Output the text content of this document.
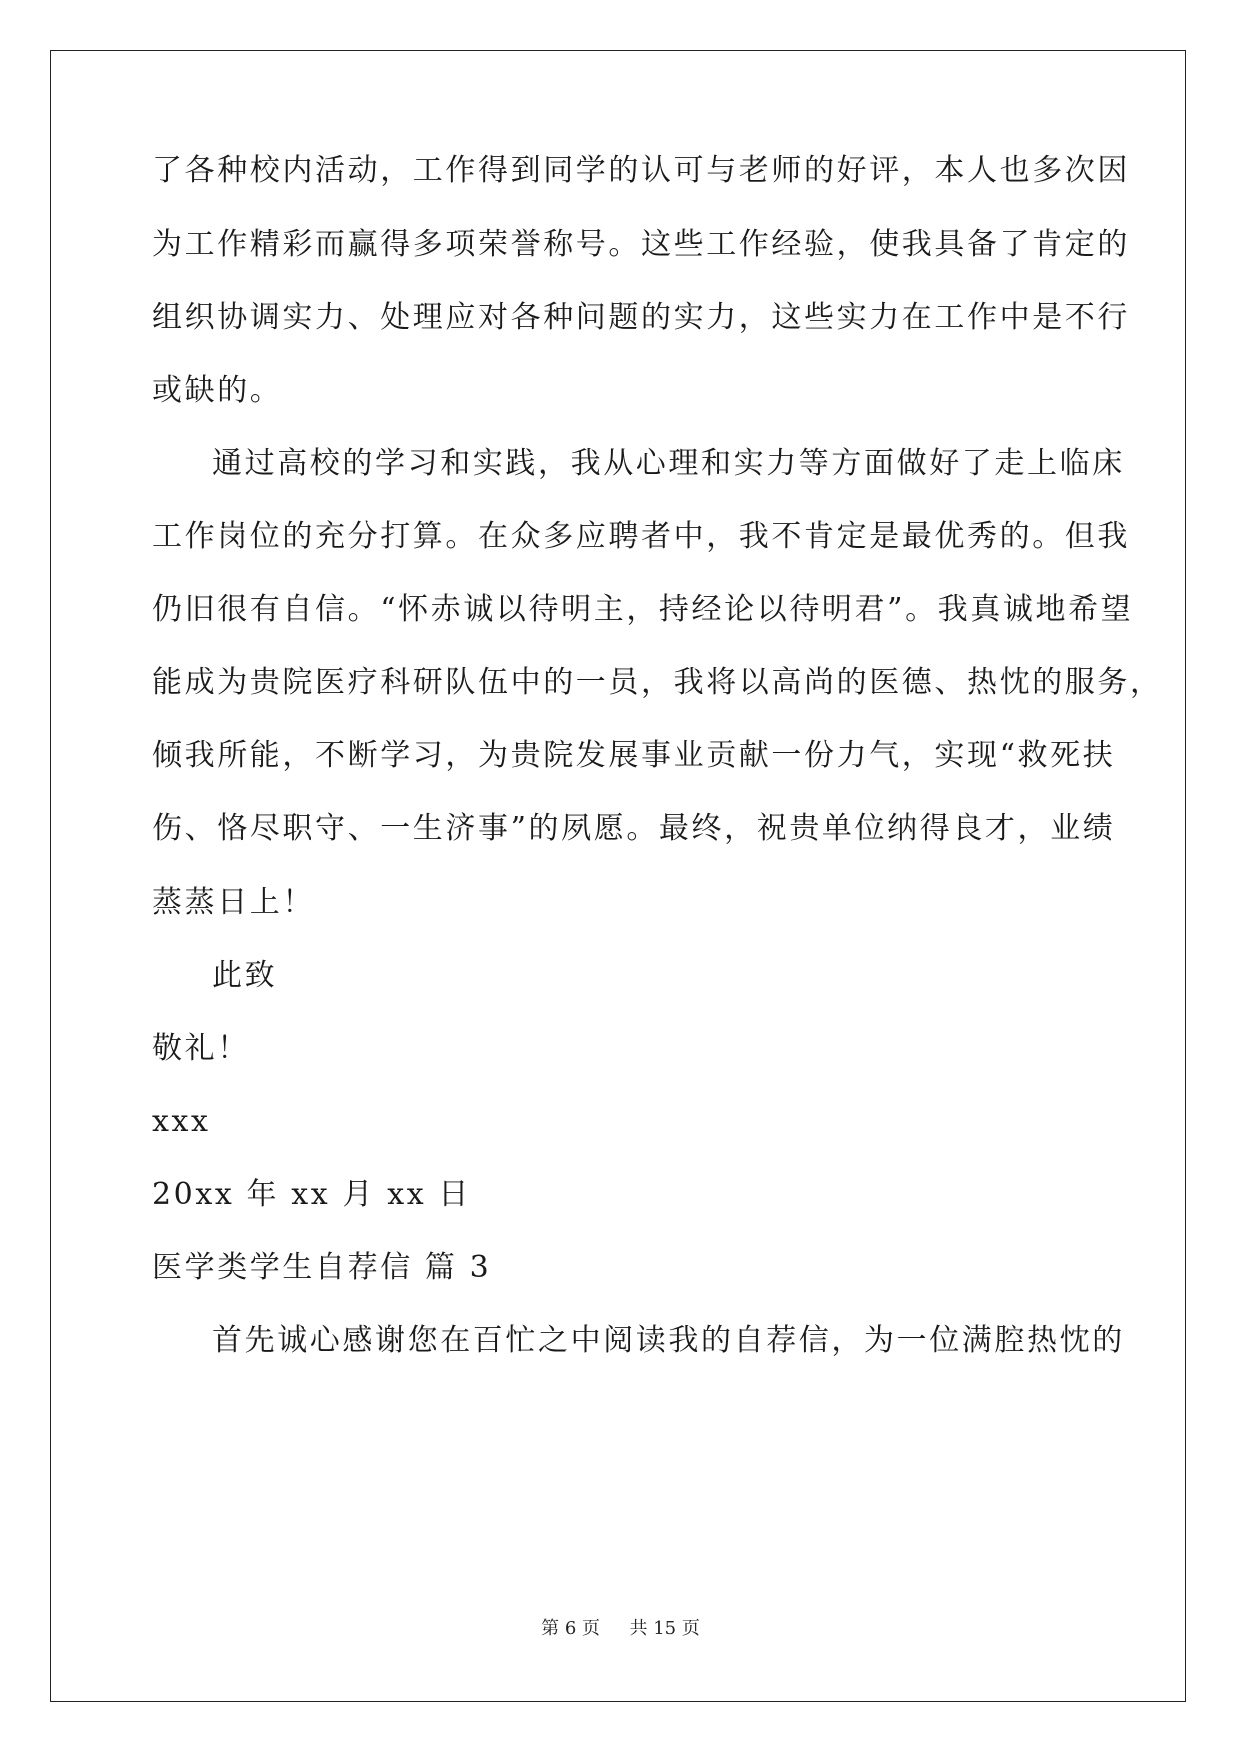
了各种校内活动，工作得到同学的认可与老师的好评，本人也多次因
为工作精彩而赢得多项荣誉称号。这些工作经验，使我具备了肯定的
组织协调实力、处理应对各种问题的实力，这些实力在工作中是不行
或缺的。
通过高校的学习和实践，我从心理和实力等方面做好了走上临床
工作岗位的充分打算。在众多应聘者中，我不肯定是最优秀的。但我
仍旧很有自信。“怀赤诚以待明主，持经论以待明君”。我真诚地希望
能成为贵院医疗科研队伍中的一员，我将以高尚的医德、热忱的服务，
倾我所能，不断学习，为贵院发展事业贡献一份力气，实现“救死扶
伤、恪尽职守、一生济事”的夙愿。最终，祝贵单位纳得良才，业绩
蒸蒸日上！
此致
敬礼！
xxx
20xx 年 xx 月 xx 日
医学类学生自荐信 篇 3
首先诚心感谢您在百忙之中阅读我的自荐信，为一位满腔热忱的
第 6 页 共 15 页
